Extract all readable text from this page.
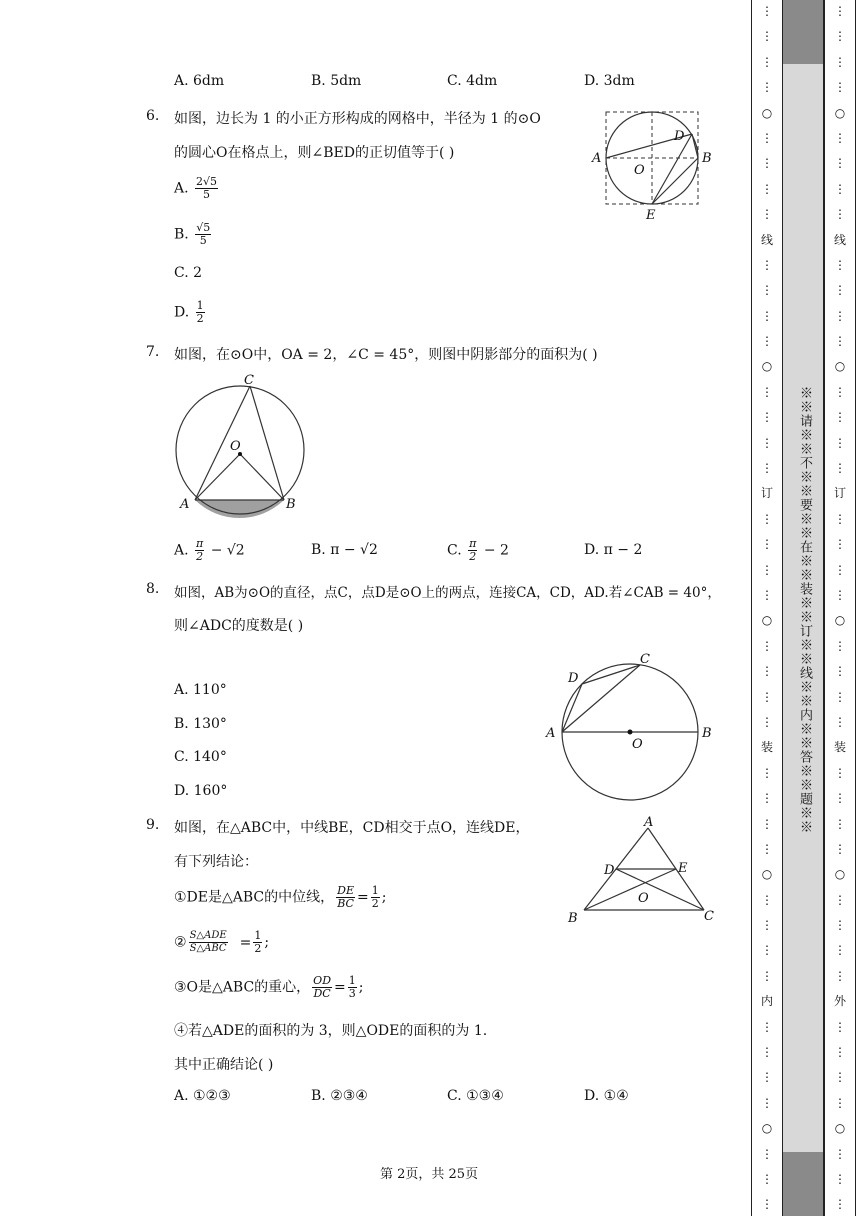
A. 6dm	B. 5dm	C. 4dm	D. 3dm
6. 如图，边长为 1 的小正方形构成的网格中，半径为 1 的⊙O
的圆心O在格点上，则∠BED的正切值等于( )
A. $\frac{2√5}{5}$
B. $\frac{√5}{5}$
C. 2
D. $\frac{1}{2}$
A	B
D
O
E
7. 如图，在⊙O中，OA = 2，∠C = 45°，则图中阴影部分的面积为( )
C
O
A	B
A. $\frac{\pi}{2} - √2$	B. π − √2	C. $\frac{\pi}{2} - 2$	D. π − 2
8. 如图，AB为⊙O的直径，点C，点D是⊙O上的两点，连接CA，CD，AD.若∠CAB = 40°，
则∠ADC的度数是( )
A. 110°
B. 130°
C. 140°
D. 160°
D
C
A
O
B
9. 如图，在△ABC中，中线BE，CD相交于点O，连线DE，
有下列结论：
①DE是△ABC的中位线， $\frac{DE}{BC} = \frac{1}{2}$ ;
② $\frac{\text{S△ADE}}{\text{S△ABC}} = \frac{1}{2}$ ;
③O是△ABC的重心， $\frac{OD}{DC} = \frac{1}{3}$ ;
④若△ADE的面积的为 3，则△ODE的面积的为 1.
其中正确结论( )
A. ①②③	B. ②③④	C. ①③④	D. ①④
A
D	E
O
B	C
第 2页，共 25页
⋮
⋮
⋮
⋮
○
⋮
⋮
⋮
⋮
线
⋮
⋮
⋮
⋮
○
⋮
⋮
⋮
⋮
订
⋮
⋮
⋮
⋮
○
⋮
⋮
⋮
⋮
装
⋮
⋮
⋮
⋮
○
⋮
⋮
⋮
⋮
内
⋮
⋮
⋮
⋮
○
⋮
⋮
⋮
※※请※※不※※要※※在※※装※※订※※线※※内※※答※※题※※
⋮
⋮
⋮
⋮
○
⋮
⋮
⋮
⋮
线
⋮
⋮
⋮
⋮
○
⋮
⋮
⋮
⋮
订
⋮
⋮
⋮
⋮
○
⋮
⋮
⋮
⋮
装
⋮
⋮
⋮
⋮
○
⋮
⋮
⋮
⋮
外
⋮
⋮
⋮
⋮
○
⋮
⋮
⋮
